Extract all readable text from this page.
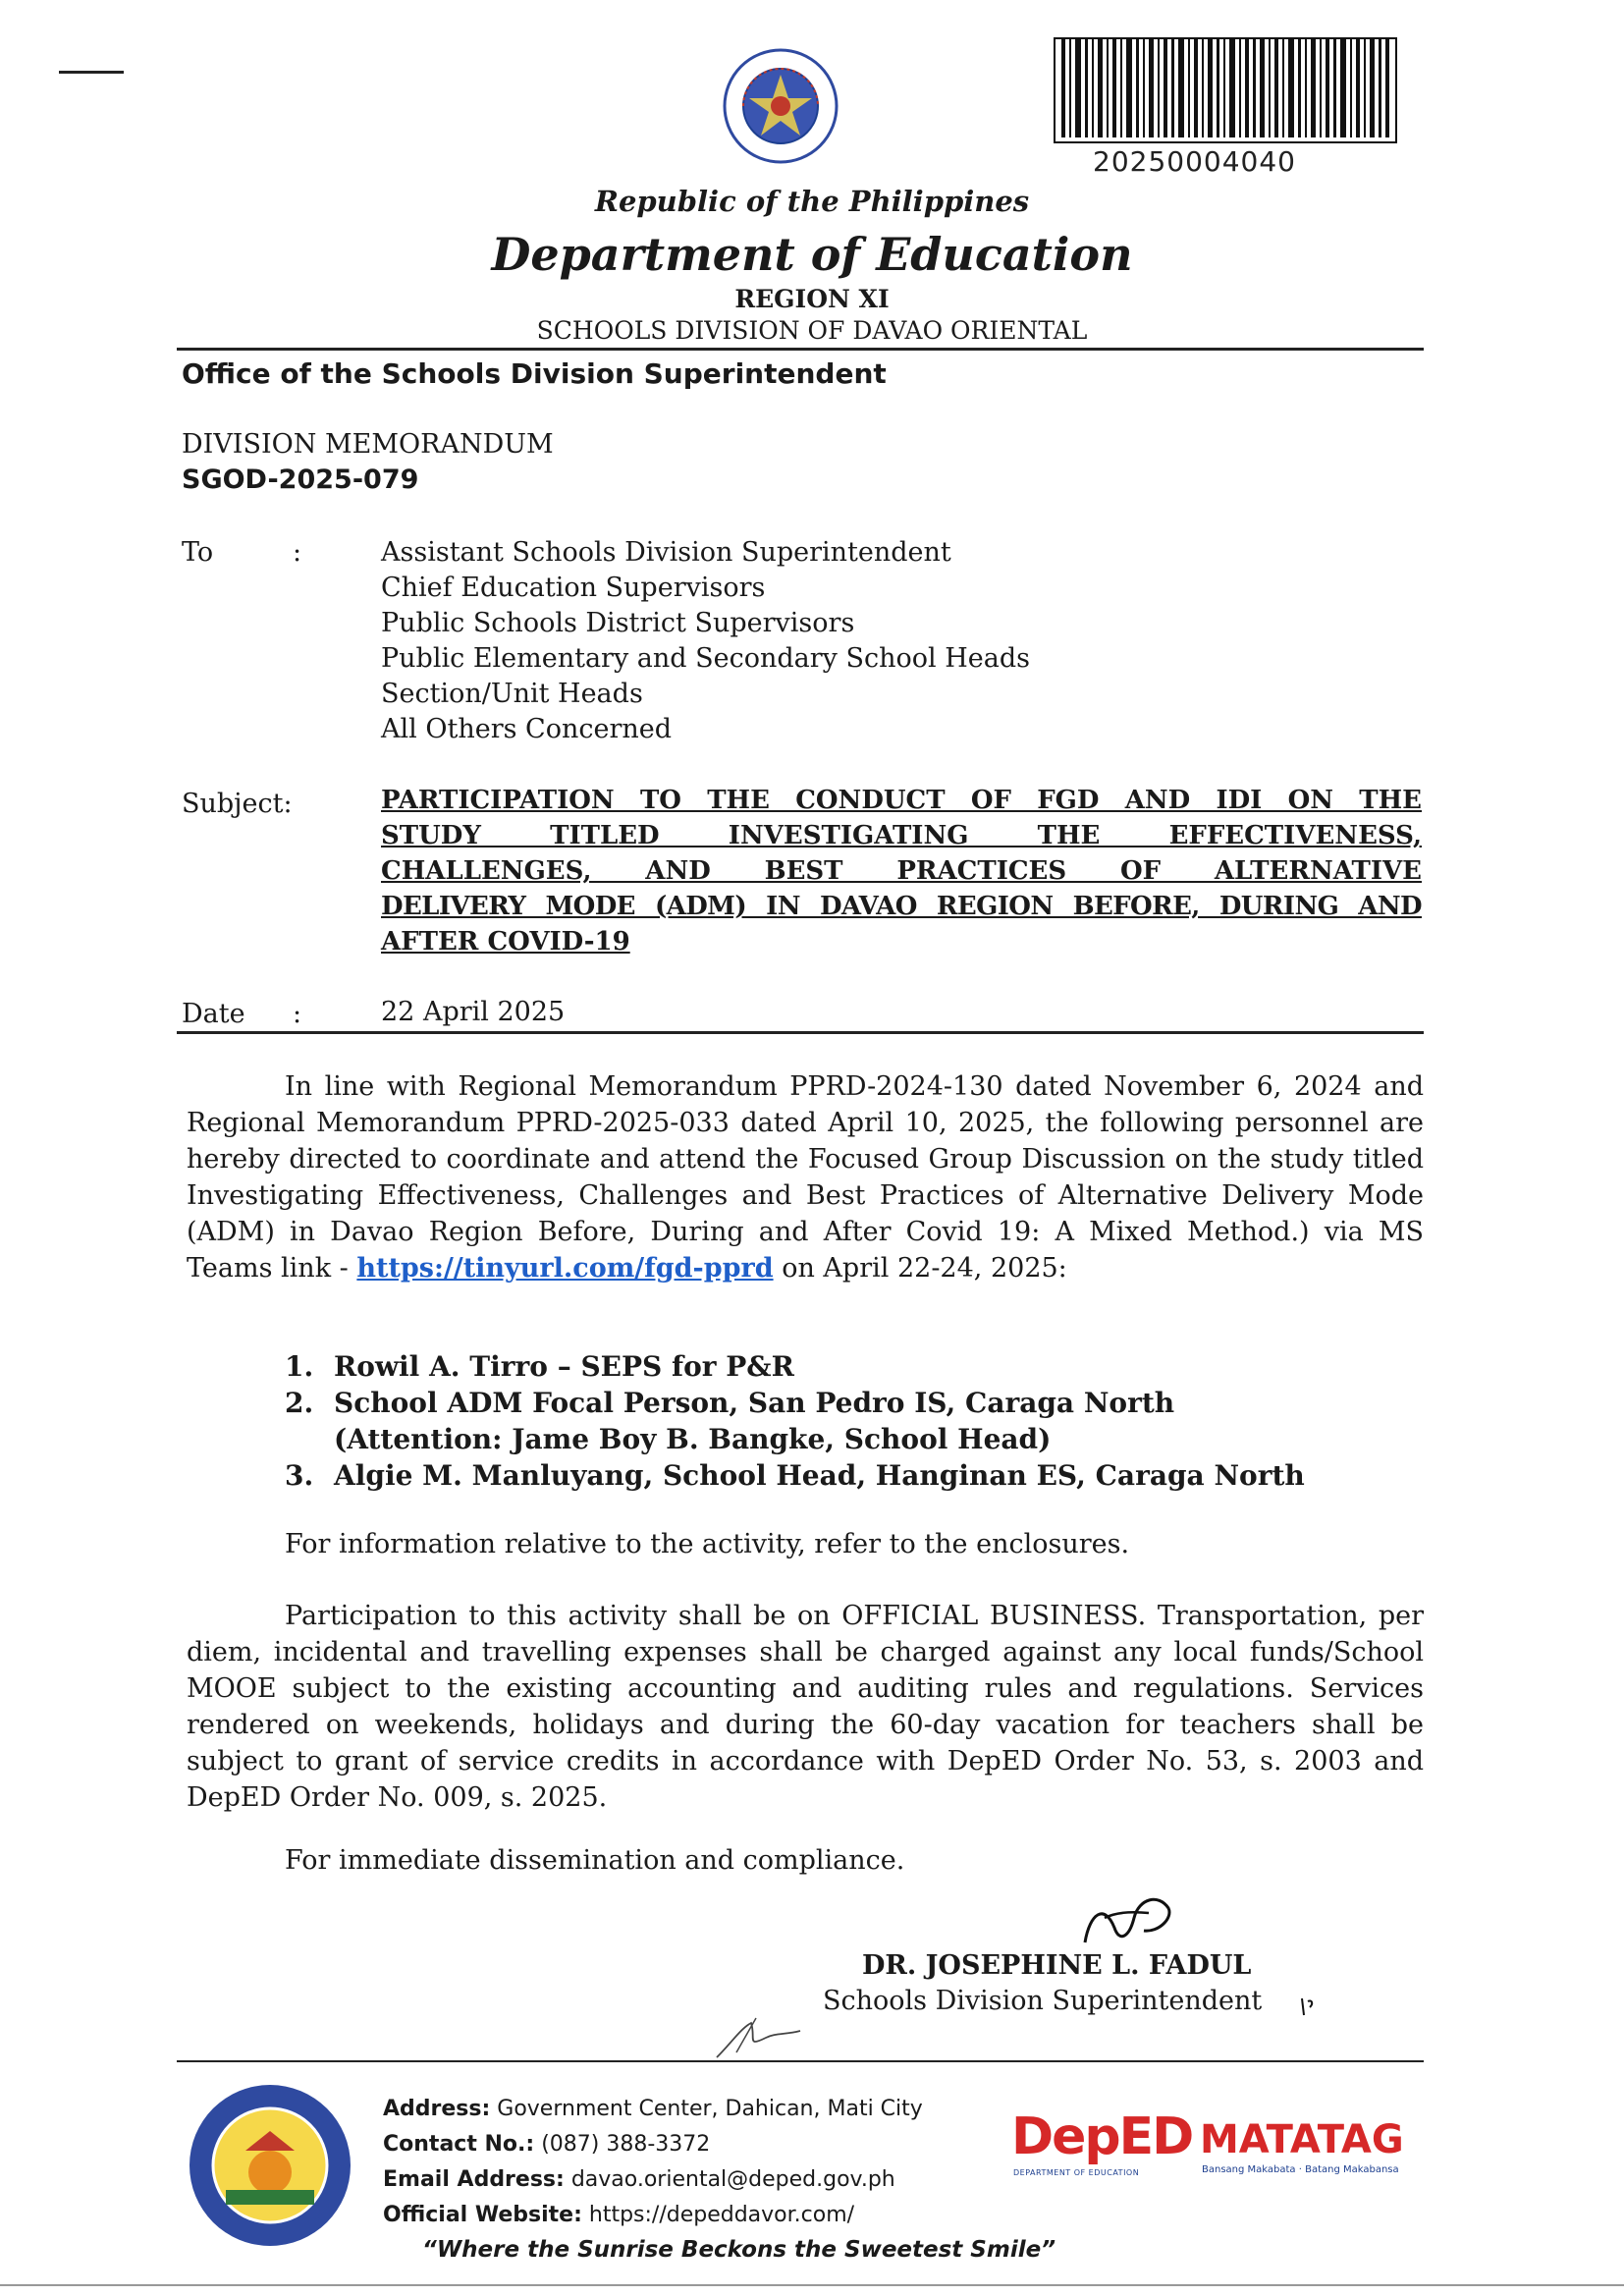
20250004040
Republic of the Philippines
Department of Education
REGION XI
SCHOOLS DIVISION OF DAVAO ORIENTAL
Office of the Schools Division Superintendent
DIVISION MEMORANDUM
SGOD-2025-079
To	:	Assistant Schools Division Superintendent
Chief Education Supervisors
Public Schools District Supervisors
Public Elementary and Secondary School Heads
Section/Unit Heads
All Others Concerned
Subject:	PARTICIPATION TO THE CONDUCT OF FGD AND IDI ON THE
STUDY TITLED INVESTIGATING THE EFFECTIVENESS,
CHALLENGES, AND BEST PRACTICES OF ALTERNATIVE
DELIVERY MODE (ADM) IN DAVAO REGION BEFORE, DURING AND
AFTER COVID-19
Date :	22 April 2025
In line with Regional Memorandum PPRD-2024-130 dated November 6, 2024 and Regional Memorandum PPRD-2025-033 dated April 10, 2025, the following personnel are hereby directed to coordinate and attend the Focused Group Discussion on the study titled Investigating Effectiveness, Challenges and Best Practices of Alternative Delivery Mode (ADM) in Davao Region Before, During and After Covid 19: A Mixed Method.) via MS Teams link - https://tinyurl.com/fgd-pprd on April 22-24, 2025:
1. Rowil A. Tirro – SEPS for P&R
2. School ADM Focal Person, San Pedro IS, Caraga North
(Attention: Jame Boy B. Bangke, School Head)
3. Algie M. Manluyang, School Head, Hanginan ES, Caraga North
For information relative to the activity, refer to the enclosures.
Participation to this activity shall be on OFFICIAL BUSINESS. Transportation, per diem, incidental and travelling expenses shall be charged against any local funds/School MOOE subject to the existing accounting and auditing rules and regulations. Services rendered on weekends, holidays and during the 60-day vacation for teachers shall be subject to grant of service credits in accordance with DepED Order No. 53, s. 2003 and DepED Order No. 009, s. 2025.
For immediate dissemination and compliance.
DR. JOSEPHINE L. FADUL
Schools Division Superintendent
Address: Government Center, Dahican, Mati City
Contact No.: (087) 388-3372
Email Address: davao.oriental@deped.gov.ph
Official Website: https://depeddavor.com/
“Where the Sunrise Beckons the Sweetest Smile”
DepED MATATAG
DEPARTMENT OF EDUCATION	Bansang Makabata · Batang Makabansa
